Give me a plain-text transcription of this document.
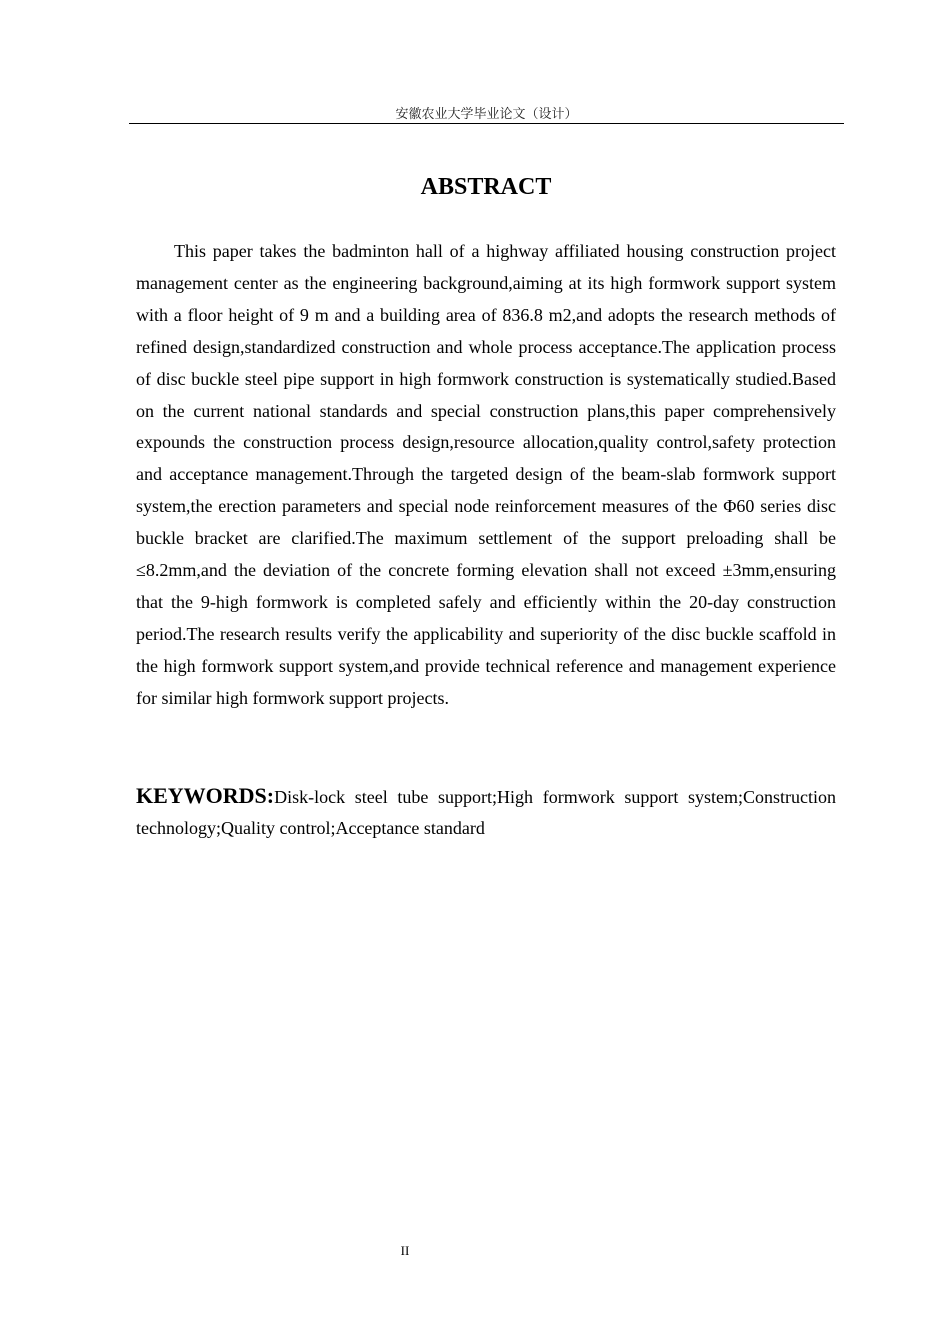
安徽农业大学毕业论文（设计）
ABSTRACT

This paper takes the badminton hall of a highway affiliated housing construction project management center as the engineering background,aiming at its high formwork support system with a floor height of 9 m and a building area of 836.8 m2,and adopts the research methods of refined design,standardized construction and whole process acceptance.The application process of disc buckle steel pipe support in high formwork construction is systematically studied.Based on the current national standards and special construction plans,this paper comprehensively expounds the construction process design,resource allocation,quality control,safety protection and acceptance management.Through the targeted design of the beam-slab formwork support system,the erection parameters and special node reinforcement measures of the Φ60 series disc buckle bracket are clarified.The maximum settlement of the support preloading shall be ≤8.2mm,and the deviation of the concrete forming elevation shall not exceed ±3mm,ensuring that the 9-high formwork is completed safely and efficiently within the 20-day construction period.The research results verify the applicability and superiority of the disc buckle scaffold in the high formwork support system,and provide technical reference and management experience for similar high formwork support projects.

KEYWORDS:Disk-lock steel tube support;High formwork support system;Construction technology;Quality control;Acceptance standard

II
